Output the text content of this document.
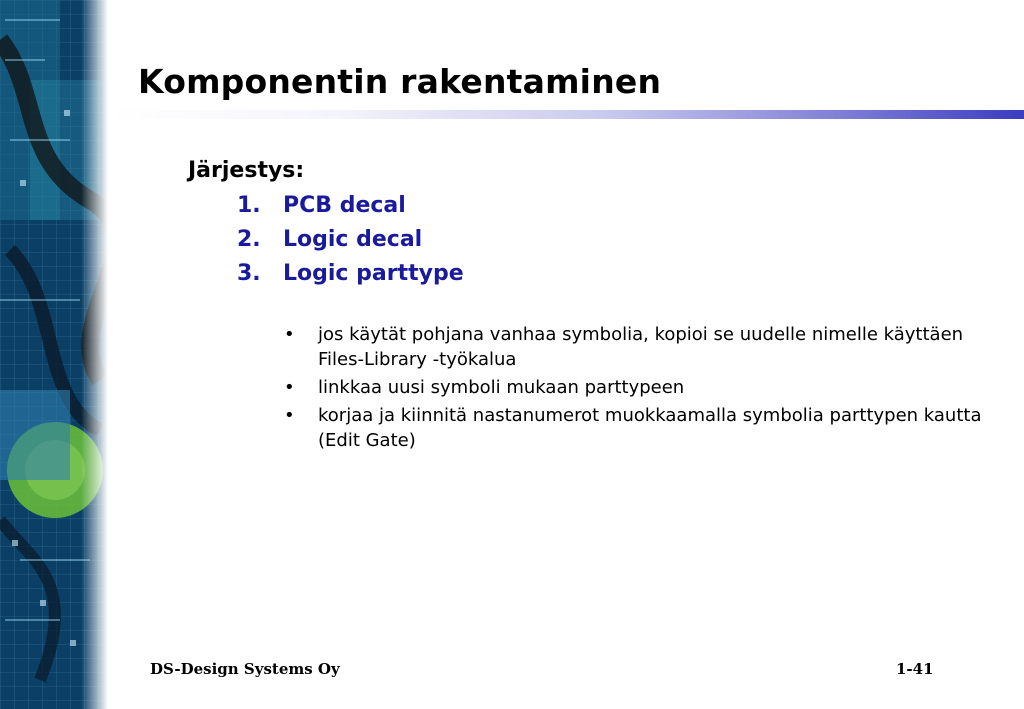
Komponentin rakentaminen
Järjestys:
1.	PCB decal
2.	Logic decal
3.	Logic parttype
•	jos käytät pohjana vanhaa symbolia, kopioi se uudelle nimelle käyttäen Files-Library -työkalua
•	linkkaa uusi symboli mukaan parttypeen
•	korjaa ja kiinnitä nastanumerot muokkaamalla symbolia parttypen kautta (Edit Gate)
DS-Design Systems Oy	1-41
